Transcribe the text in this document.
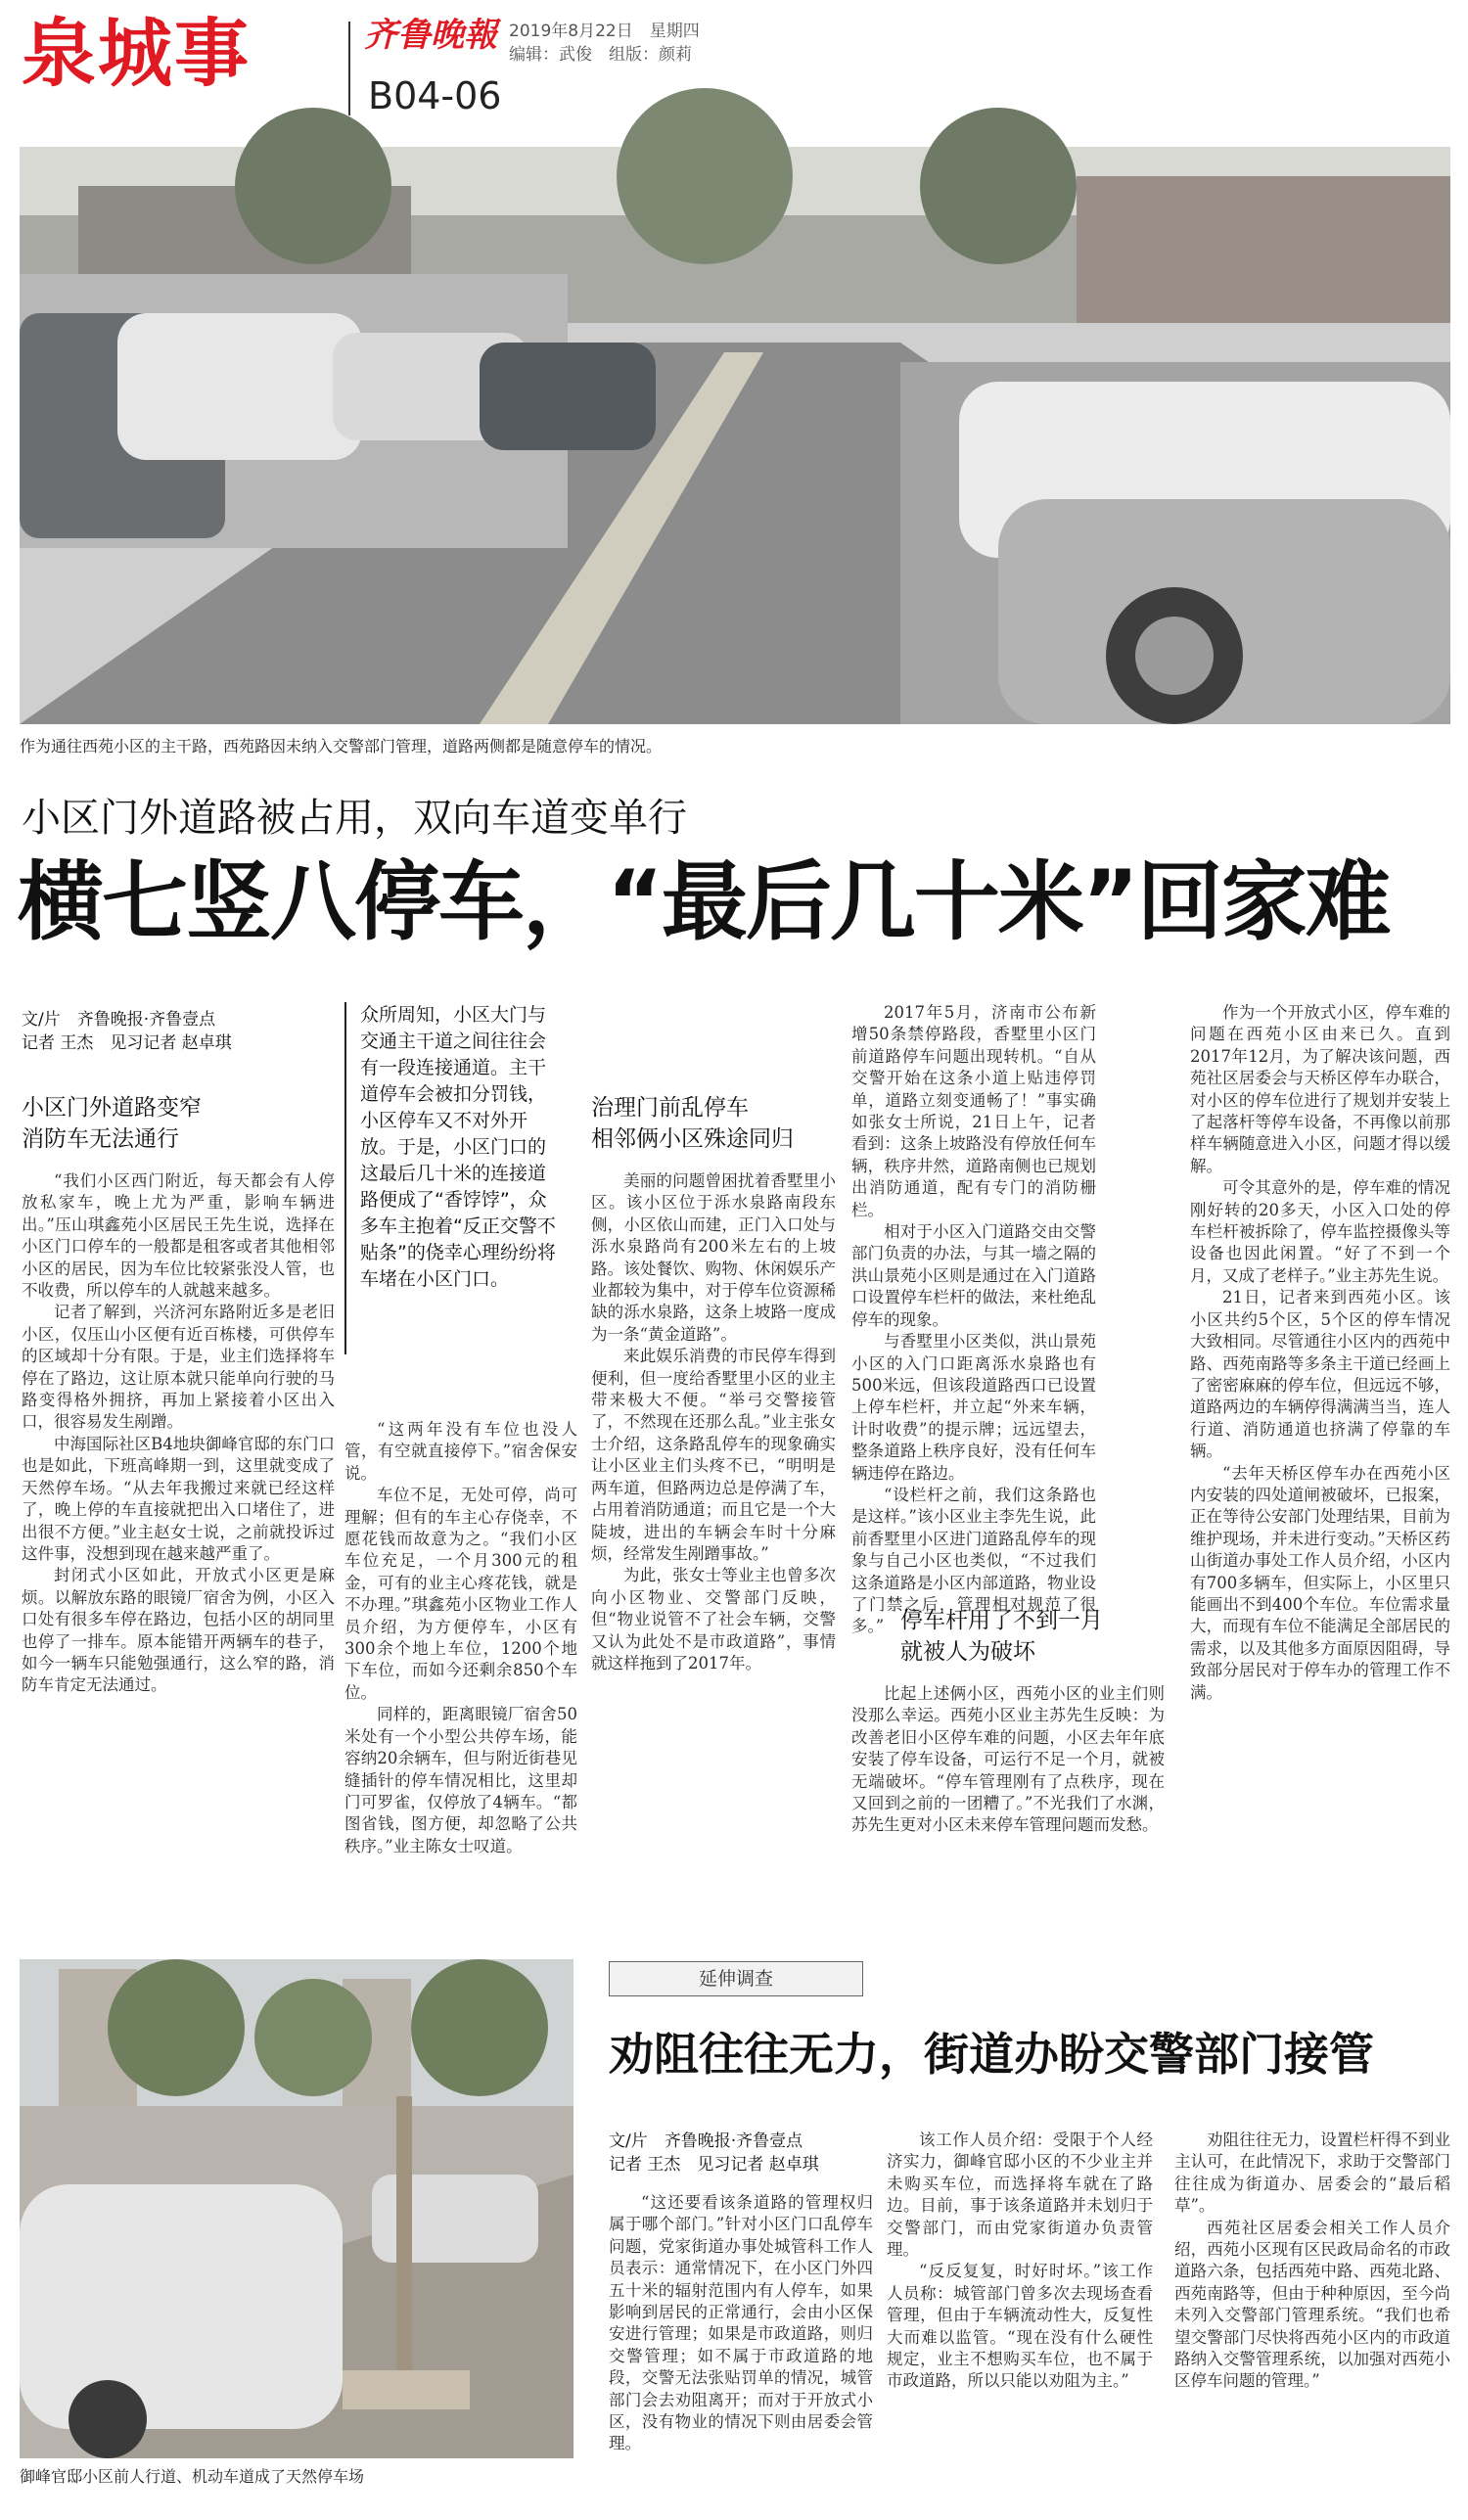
泉城事	齐鲁晚報 2019年8月22日　星期四
编辑：武俊　组版：颜莉
B04-06
作为通往西苑小区的主干路，西苑路因未纳入交警部门管理，道路两侧都是随意停车的情况。
小区门外道路被占用，双向车道变单行
横七竖八停车，“最后几十米”回家难
文/片　齐鲁晚报·齐鲁壹点
记者 王杰　见习记者 赵卓琪
小区门外道路变窄
消防车无法通行

“我们小区西门附近，每天都会有人停放私家车，晚上尤为严重，影响车辆进出。”压山琪鑫苑小区居民王先生说，选择在小区门口停车的一般都是租客或者其他相邻小区的居民，因为车位比较紧张没人管，也不收费，所以停车的人就越来越多。

记者了解到，兴济河东路附近多是老旧小区，仅压山小区便有近百栋楼，可供停车的区域却十分有限。于是，业主们选择将车停在了路边，这让原本就只能单向行驶的马路变得格外拥挤，再加上紧接着小区出入口，很容易发生剐蹭。

中海国际社区B4地块御峰官邸的东门口也是如此，下班高峰期一到，这里就变成了天然停车场。“从去年我搬过来就已经这样了，晚上停的车直接就把出入口堵住了，进出很不方便。”业主赵女士说，之前就投诉过这件事，没想到现在越来越严重了。

封闭式小区如此，开放式小区更是麻烦。以解放东路的眼镜厂宿舍为例，小区入口处有很多车停在路边，包括小区的胡同里也停了一排车。原本能错开两辆车的巷子，如今一辆车只能勉强通行，这么窄的路，消防车肯定无法通过。

众所周知，小区大门与交通主干道之间往往会有一段连接通道。主干道停车会被扣分罚钱，小区停车又不对外开放。于是，小区门口的这最后几十米的连接道路便成了“香饽饽”，众多车主抱着“反正交警不贴条”的侥幸心理纷纷将车堵在小区门口。

“这两年没有车位也没人管，有空就直接停下。”宿舍保安说。

车位不足，无处可停，尚可理解；但有的车主心存侥幸，不愿花钱而故意为之。“我们小区车位充足，一个月300元的租金，可有的业主心疼花钱，就是不办理。”琪鑫苑小区物业工作人员介绍，为方便停车，小区有300余个地上车位，1200个地下车位，而如今还剩余850个车位。

同样的，距离眼镜厂宿舍50米处有一个小型公共停车场，能容纳20余辆车，但与附近街巷见缝插针的停车情况相比，这里却门可罗雀，仅停放了4辆车。“都图省钱，图方便，却忽略了公共秩序。”业主陈女士叹道。

治理门前乱停车
相邻俩小区殊途同归

美丽的问题曾困扰着香墅里小区。该小区位于泺水泉路南段东侧，小区依山而建，正门入口处与泺水泉路尚有200米左右的上坡路。该处餐饮、购物、休闲娱乐产业都较为集中，对于停车位资源稀缺的泺水泉路，这条上坡路一度成为一条“黄金道路”。

来此娱乐消费的市民停车得到便利，但一度给香墅里小区的业主带来极大不便。“举弓交警接管了，不然现在还那么乱。”业主张女士介绍，这条路乱停车的现象确实让小区业主们头疼不已，“明明是两车道，但路两边总是停满了车，占用着消防通道；而且它是一个大陡坡，进出的车辆会车时十分麻烦，经常发生剐蹭事故。”

为此，张女士等业主也曾多次向小区物业、交警部门反映，但“物业说管不了社会车辆，交警又认为此处不是市政道路”，事情就这样拖到了2017年。

2017年5月，济南市公布新增50条禁停路段，香墅里小区门前道路停车问题出现转机。“自从交警开始在这条小道上贴违停罚单，道路立刻变通畅了！”事实确如张女士所说，21日上午，记者看到：这条上坡路没有停放任何车辆，秩序井然，道路南侧也已规划出消防通道，配有专门的消防栅栏。

相对于小区入门道路交由交警部门负责的办法，与其一墙之隔的洪山景苑小区则是通过在入门道路口设置停车栏杆的做法，来杜绝乱停车的现象。

与香墅里小区类似，洪山景苑小区的入门口距离泺水泉路也有500米远，但该段道路西口已设置上停车栏杆，并立起“外来车辆，计时收费”的提示牌；远远望去，整条道路上秩序良好，没有任何车辆违停在路边。

“设栏杆之前，我们这条路也是这样。”该小区业主李先生说，此前香墅里小区进门道路乱停车的现象与自己小区也类似，“不过我们这条道路是小区内部道路，物业设了门禁之后，管理相对规范了很多。” 停车杆用了不到一月
就被人为破坏

比起上述俩小区，西苑小区的业主们则没那么幸运。西苑小区业主苏先生反映：为改善老旧小区停车难的问题，小区去年年底安装了停车设备，可运行不足一个月，就被无端破坏。“停车管理刚有了点秩序，现在又回到之前的一团糟了。”不光我们了水渊，苏先生更对小区未来停车管理问题而发愁。

作为一个开放式小区，停车难的问题在西苑小区由来已久。直到2017年12月，为了解决该问题，西苑社区居委会与天桥区停车办联合，对小区的停车位进行了规划并安装上了起落杆等停车设备，不再像以前那样车辆随意进入小区，问题才得以缓解。

可令其意外的是，停车难的情况刚好转的20多天，小区入口处的停车栏杆被拆除了，停车监控摄像头等设备也因此闲置。“好了不到一个月，又成了老样子。”业主苏先生说。

21日，记者来到西苑小区。该小区共约5个区，5个区的停车情况大致相同。尽管通往小区内的西苑中路、西苑南路等多条主干道已经画上了密密麻麻的停车位，但远远不够，道路两边的车辆停得满满当当，连人行道、消防通道也挤满了停靠的车辆。

“去年天桥区停车办在西苑小区内安装的四处道闸被破坏，已报案，正在等待公安部门处理结果，目前为维护现场，并未进行变动。”天桥区药山街道办事处工作人员介绍，小区内有700多辆车，但实际上，小区里只能画出不到400个车位。车位需求量大，而现有车位不能满足全部居民的需求，以及其他多方面原因阻碍，导致部分居民对于停车办的管理工作不满。

御峰官邸小区前人行道、机动车道成了天然停车场
延伸调查
劝阻往往无力，街道办盼交警部门接管
文/片　齐鲁晚报·齐鲁壹点
记者 王杰　见习记者 赵卓琪

“这还要看该条道路的管理权归属于哪个部门。”针对小区门口乱停车问题，党家街道办事处城管科工作人员表示：通常情况下，在小区门外四五十米的辐射范围内有人停车，如果影响到居民的正常通行，会由小区保安进行管理；如果是市政道路，则归交警管理；如不属于市政道路的地段，交警无法张贴罚单的情况，城管部门会去劝阻离开；而对于开放式小区，没有物业的情况下则由居委会管理。

该工作人员介绍：受限于个人经济实力，御峰官邸小区的不少业主并未购买车位，而选择将车就在了路边。目前，事于该条道路并未划归于交警部门，而由党家街道办负责管理。

“反反复复，时好时坏。”该工作人员称：城管部门曾多次去现场查看管理，但由于车辆流动性大，反复性大而难以监管。“现在没有什么硬性规定，业主不想购买车位，也不属于市政道路，所以只能以劝阻为主。”

劝阻往往无力，设置栏杆得不到业主认可，在此情况下，求助于交警部门往往成为街道办、居委会的“最后稻草”。

西苑社区居委会相关工作人员介绍，西苑小区现有区民政局命名的市政道路六条，包括西苑中路、西苑北路、西苑南路等，但由于种种原因，至今尚未列入交警部门管理系统。“我们也希望交警部门尽快将西苑小区内的市政道路纳入交警管理系统，以加强对西苑小区停车问题的管理。”
